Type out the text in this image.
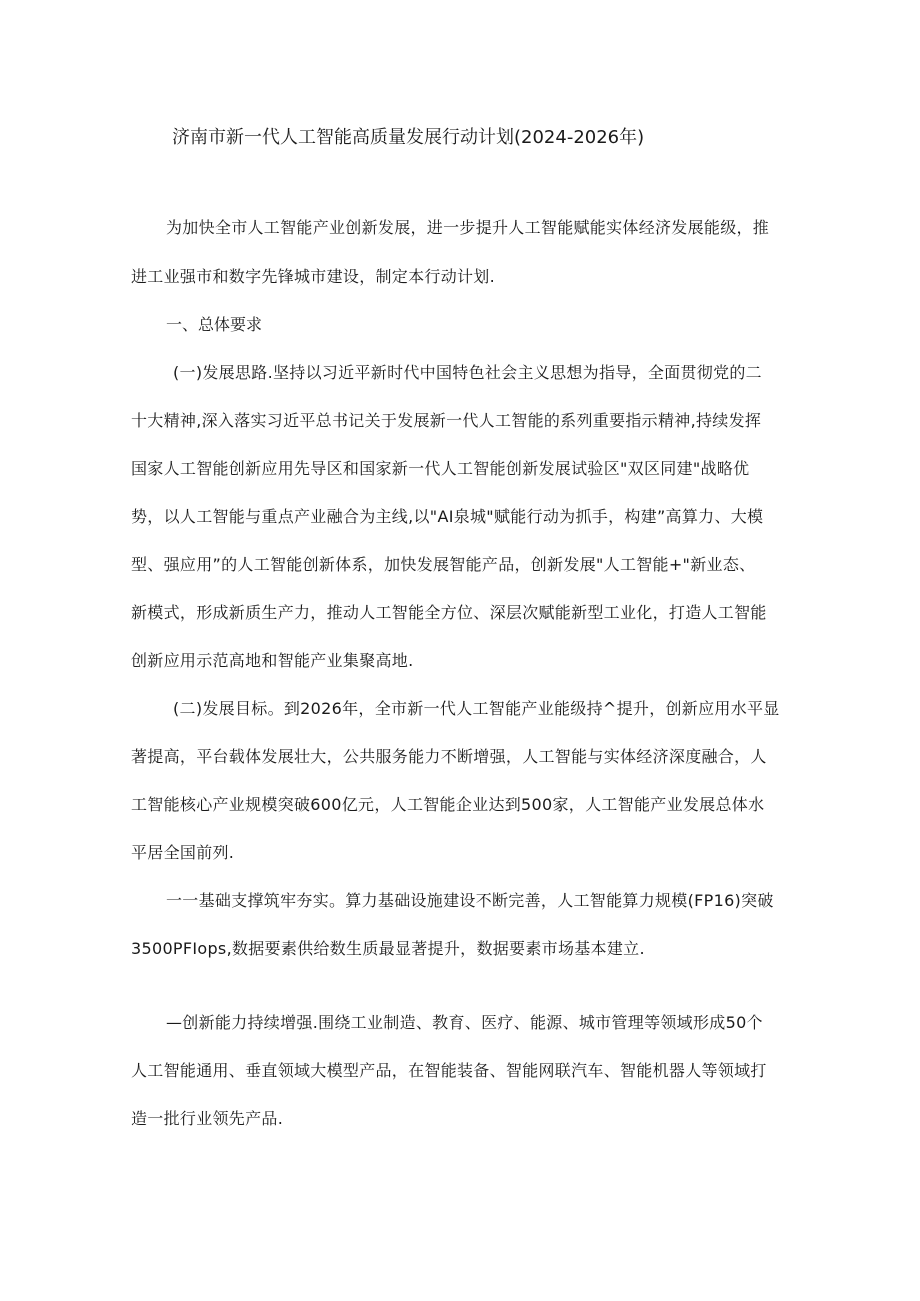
济南市新一代人工智能高质量发展行动计划(2024-2026年)
为加快全市人工智能产业创新发展，进一步提升人工智能赋能实体经济发展能级，推
进工业强市和数字先锋城市建设，制定本行动计划.
一、总体要求
(一)发展思路.坚持以习近平新时代中国特色社会主义思想为指导，全面贯彻党的二
十大精神,深入落实习近平总书记关于发展新一代人工智能的系列重要指示精神,持续发挥
国家人工智能创新应用先导区和国家新一代人工智能创新发展试验区"双区同建"战略优
势，以人工智能与重点产业融合为主线,以"AI泉城"赋能行动为抓手，构建”高算力、大模
型、强应用”的人工智能创新体系，加快发展智能产品，创新发展"人工智能+"新业态、
新模式，形成新质生产力，推动人工智能全方位、深层次赋能新型工业化，打造人工智能
创新应用示范高地和智能产业集聚高地.
(二)发展目标。到2026年，全市新一代人工智能产业能级持^提升，创新应用水平显
著提高，平台载体发展壮大，公共服务能力不断增强，人工智能与实体经济深度融合，人
工智能核心产业规模突破600亿元，人工智能企业达到500家，人工智能产业发展总体水
平居全国前列.
一一基础支撑筑牢夯实。算力基础设施建设不断完善，人工智能算力规模(FP16)突破
3500PFIops,数据要素供给数生质最显著提升，数据要素市场基本建立.
—创新能力持续增强.围绕工业制造、教育、医疗、能源、城市管理等领域形成50个
人工智能通用、垂直领域大模型产品，在智能装备、智能网联汽车、智能机器人等领域打
造一批行业领先产品.
